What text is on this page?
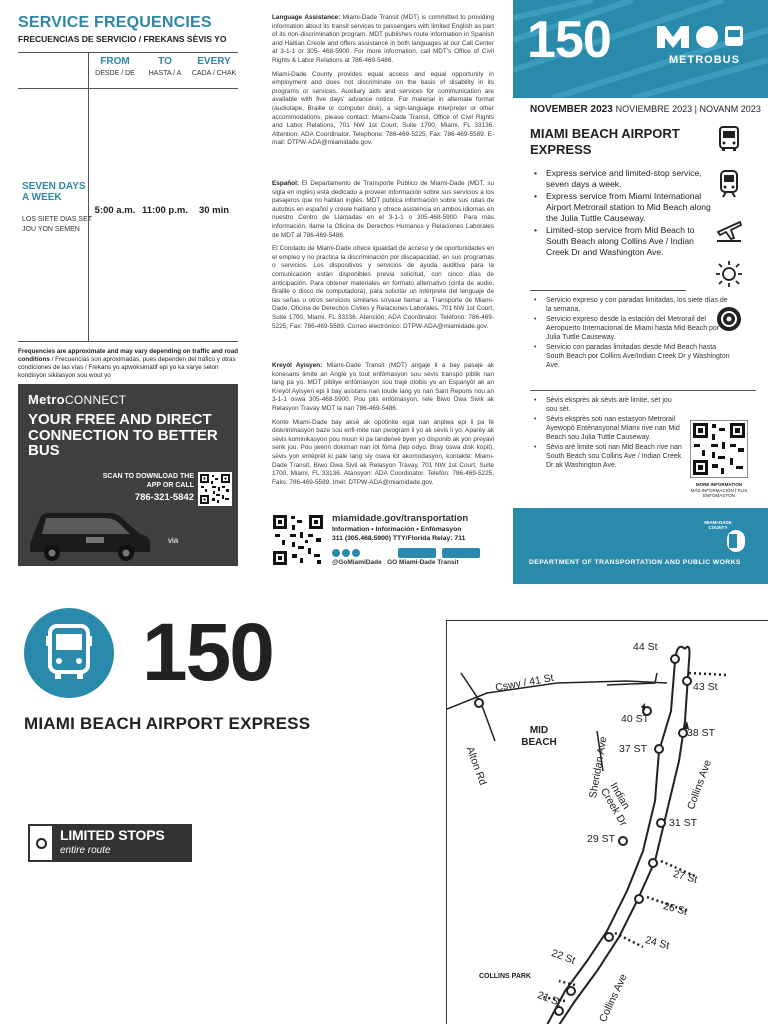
SERVICE FREQUENCIES
FRECUENCIAS DE SERVICIO / FREKANS SÈVIS YO
FROM
DESDE / DE
TO
HASTA / A
EVERY
CADA / CHAK
SEVEN DAYS A WEEK
LOS SIETE DIAS SET JOU YON SEMEN
5:00 a.m. 11:00 p.m.	30 min
Frequencies are approximate and may vary depending on traffic and road conditions / Frecuencias son aproximadas, pues dependen del tráfico y otras condiciones de las vías / Frekans yo apwoksimatif epi yo ka varye selon kondisyon sikilasyon sou wout yo
MetroCONNECT
YOUR FREE AND DIRECT CONNECTION TO BETTER BUS
SCAN TO DOWNLOAD THE APP OR CALL
786-321-5842
via

Language Assistance: Miami-Dade Transit (MDT) is committed to providing information about its transit services to passengers with limited English as part of its non-discrimination program. MDT publishes route information in Spanish and Haitian Creole and offers assistance in both languages at our Call Center at 3-1-1 or 305- 468-5900. For more information, call MDT's Office of Civil Rights & Labor Relations at 786-469-5486.

Miami-Dade County provides equal access and equal opportunity in employment and does not discriminate on the basis of disability in its programs or services. Auxiliary aids and services for communication are available with five days' advance notice. For material in alternate format (audiotape, Braille or computer disk), a sign-language interpreter or other accommodations, please contact: Miami-Dade Transit, Office of Civil Rights and Labor Relations, 701 NW 1st Court, Suite 1700, Miami, FL 33136. Attention: ADA Coordinator. Telephone: 786-469-5225, Fax: 786-469-5589. E-mail: DTPW-ADA@miamidade.gov.

Español: El Departamento de Transporte Público de Miami-Dade (MDT, su sigla en inglés) está dedicado a proveer información sobre sus servicios a los pasajeros que no hablan inglés. MDT publica información sobre sus rutas de autobús en español y creole haitiano y ofrece asistencia en ambos idiomas en nuestro Centro de Llamadas en el 3-1-1 o 305-468-5900. Para más información, llame la Oficina de Derechos Humanos y Relaciones Laborales de MDT al 786-469-5486.

El Condado de Miami-Dade ofrece igualdad de acceso y de oportunidades en el empleo y no practica la discriminación por discapacidad, en sus programas o servicios. Los dispositivos y servicios de ayuda auditiva para la comunicación están disponibles previa solicitud, con cinco días de anticipación. Para obtener materiales en formato alternativo (cinta de audio, Braille o disco de computadora), para solicitar un intérprete del lenguaje de las señas u otros servicios similares sírvase llamar a: Transporte de Miami-Dade, Oficina de Derechos Civiles y Relaciones Laborales, 701 NW 1st Court, Suite 1700, Miami, FL 33136. Atención: ADA Coordinator. Teléfono: 786-469-5225, Fax: 786-469-5589. Correo electrónico: DTPW-ADA@miamidade.gov.

Kreyòl Ayisyen: Miami-Dade Transit (MDT) angaje li a bay pasaje ak konesans limite an Anglè yo tout enfòmasyon sou sèvis transpò piblik nan lang pa yo. MDT pibliye enfòmasyon sou trajè otobis yo an Espanyòl ak an Kreyòl Ayisyen epi li bay asistans nan toude lang yo nan Sant Repons nou an 3-1-1 oswa 305-468-5900. Pou plis enfòmasyon, rele Biwo Dwa Sivik ak Relasyon Travay MDT la nan 786-469-5486.

Konte Miami-Dade bay aksè ak opòtinite egal nan anplwa epi li pa fè diskriminasyon baze sou enfi-mite nan pwogram li yo ak sèvis li yo. Aparèy ak sèvis kominikasyon pou moun ki pa tande/wè byen yo disponib ak yon preyavi senk jou. Pou jwenn dokiman nan lòt fòma (tep odyo, Bray oswa disk kopit), sèvis yon entèprèt ki pale lang siy oswa lòt akomodasyon, kontakte: Miami-Dade Transit, Biwo Dwa Sivil ak Relasyon Travay, 701 NW 1st Court, Suite 1700, Miami, FL 33136. Atansyon: ADA Coordinator. Telefòn: 786-469-5225, Faks: 786-469-5589. Imèl: DTPW-ADA@miamidade.gov.

miamidade.gov/transportation
Information • Información • Enfòmasyon
311 (305.468.5900) TTY/Florida Relay: 711
@GoMiamiDade GO Miami-Dade Transit
150	METROBUS
NOVEMBER 2023 NOVIEMBRE 2023 | NOVANM 2023
MIAMI BEACH AIRPORT EXPRESS
• Express service and limited-stop service, seven days a week.
• Express service from Miami International Airport Metrorail station to Mid Beach along the Julia Tuttle Causeway.
• Limited-stop service from Mid Beach to South Beach along Collins Ave / Indian Creek Dr and Washington Ave.
• Servicio expreso y con paradas limitadas, los siete días de la semana.
• Servicio expreso desde la estación del Metrorail del Aeropuerto Internacional de Miami hasta Mid Beach por Julia Tuttle Causeway.
• Servicio con paradas limitadas desde Mid Beach hasta South Beach por Collins Ave/Indian Creek Dr y Washington Ave.
• Sèvis eksprès ak sèvis arè limite, sèt jou sou sèt.
• Sèvis eksprès soti nan estasyon Metrorail Ayewopò Entènasyonal Miami rive nan Mid Beach sou Julia Tuttle Causeway.
• Sèvis arè limite soti nan Mid Beach rive nan South Beach sou Collins Ave / Indian Creek Dr ak Washington Ave.

MORE INFORMATION
MÁS INFORMACIÓN | PLIS ENFÒMASYON
MIAMI-DADE COUNTY
DEPARTMENT OF TRANSPORTATION AND PUBLIC WORKS
150
MIAMI BEACH AIRPORT EXPRESS
LIMITED STOPS
entire route
44 St
43 St
Cswy / 41 St
40 ST
38 ST
37 ST
MID
BEACH
Alton Rd	Sheridan Ave
Indian Creek Dr	Collins Ave
31 ST
29 ST
27 St
26 St
24 St
22 St
COLLINS PARK
21 St	Collins Ave
